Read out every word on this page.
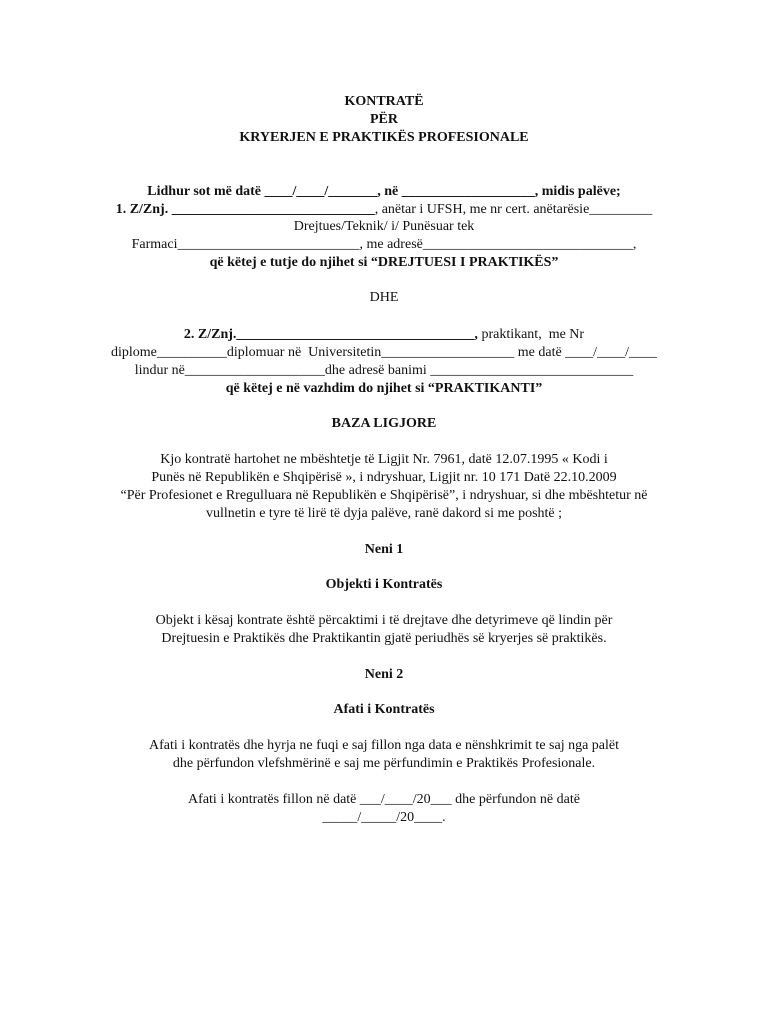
KONTRATË
PËR
KRYERJEN E PRAKTIKËS PROFESIONALE
Lidhur sot më datë ____/____/_______, në ___________________, midis palëve;
1. Z/Znj. _____________________________, anëtar i UFSH, me nr cert. anëtarësie_________
Drejtues/Teknik/ i/ Punësuar tek
Farmaci__________________________, me adresë______________________________,
që këtej e tutje do njihet si “DREJTUESI I PRAKTIKËS”
DHE
2. Z/Znj.__________________________________, praktikant,  me Nr
diplome__________diplomuar në  Universitetin___________________ me datë ____/____/____
lindur në____________________dhe adresë banimi _____________________________
që këtej e në vazhdim do njihet si “PRAKTIKANTI”
BAZA LIGJORE
Kjo kontratë hartohet ne mbështetje të Ligjit Nr. 7961, datë 12.07.1995 « Kodi i
Punës në Republikën e Shqipërisë », i ndryshuar, Ligjit nr. 10 171 Datë 22.10.2009
“Për Profesionet e Rregulluara në Republikën e Shqipërisë”, i ndryshuar, si dhe mbështetur në
vullnetin e tyre të lirë të dyja palëve, ranë dakord si me poshtë ;
Neni 1
Objekti i Kontratës
Objekt i kësaj kontrate është përcaktimi i të drejtave dhe detyrimeve që lindin për
Drejtuesin e Praktikës dhe Praktikantin gjatë periudhës së kryerjes së praktikës.
Neni 2
Afati i Kontratës
Afati i kontratës dhe hyrja ne fuqi e saj fillon nga data e nënshkrimit te saj nga palët
dhe përfundon vlefshmërinë e saj me përfundimin e Praktikës Profesionale.
Afati i kontratës fillon në datë ___/____/20___ dhe përfundon në datë
_____/_____/20____.
